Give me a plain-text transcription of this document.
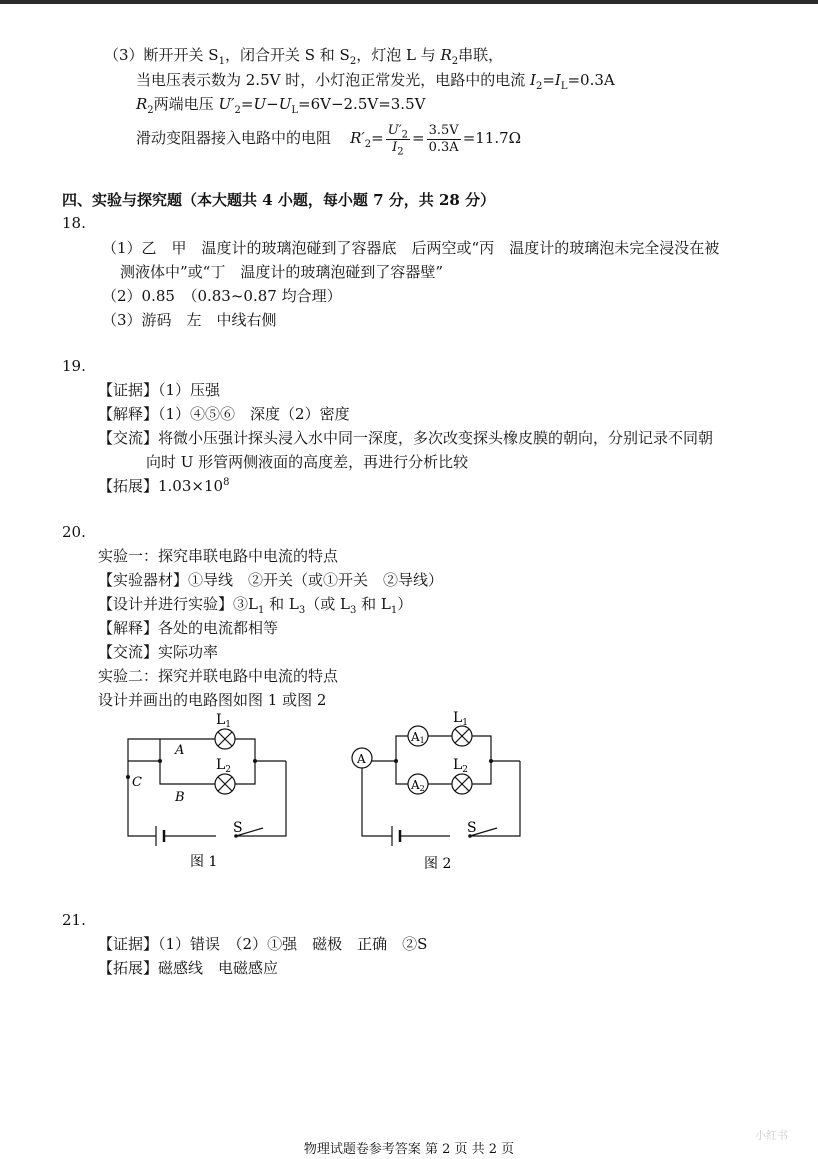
（3）断开开关 $S_1$，闭合开关 S 和 $S_2$，灯泡 L 与 $R_2$串联，
当电压表示数为 2.5V 时，小灯泡正常发光，电路中的电流 $I_2=I_L=0.3A$
$R_2$两端电压 $U'_2=U-U_L=6V-2.5V=3.5V$
滑动变阻器接入电路中的电阻 $R'_2= \frac{U'_2}{I_2} = \frac{3.5V}{0.3A} =11.7\Omega$
四、实验与探究题（本大题共 4 小题，每小题 7 分，共 28 分）
18.
（1）乙　甲　温度计的玻璃泡碰到了容器底　后两空或“丙　温度计的玻璃泡未完全浸没在被
测液体中”或“丁　温度计的玻璃泡碰到了容器壁”
（2）0.85　（0.83~0.87 均合理）
（3）游码　左　中线右侧
19.
【证据】（1）压强
【解释】（1）④⑤⑥　深度（2）密度
【交流】将微小压强计探头浸入水中同一深度，多次改变探头橡皮膜的朝向，分别记录不同朝
向时 U 形管两侧液面的高度差，再进行分析比较
【拓展】$1.03\times 10^8$
20.
实验一：探究串联电路中电流的特点
【实验器材】①导线　②开关（或①开关　②导线）
【设计并进行实验】$③L_1$ 和 $L_3$（或 $L_3$ 和 $L_1$）
【解释】各处的电流都相等
【交流】实际功率
实验二：探究并联电路中电流的特点
设计并画出的电路图如图 1 或图 2
$L_1$
$L_2$
A
B
C
S
图 1
A
A1
A2
$L_1$
$L_2$
S
图 2
21.
【证据】（1）错误　（2）①强　磁极　正确　②S
【拓展】磁感线　电磁感应
物理试题卷参考答案 第 2 页 共 2 页
小红书
